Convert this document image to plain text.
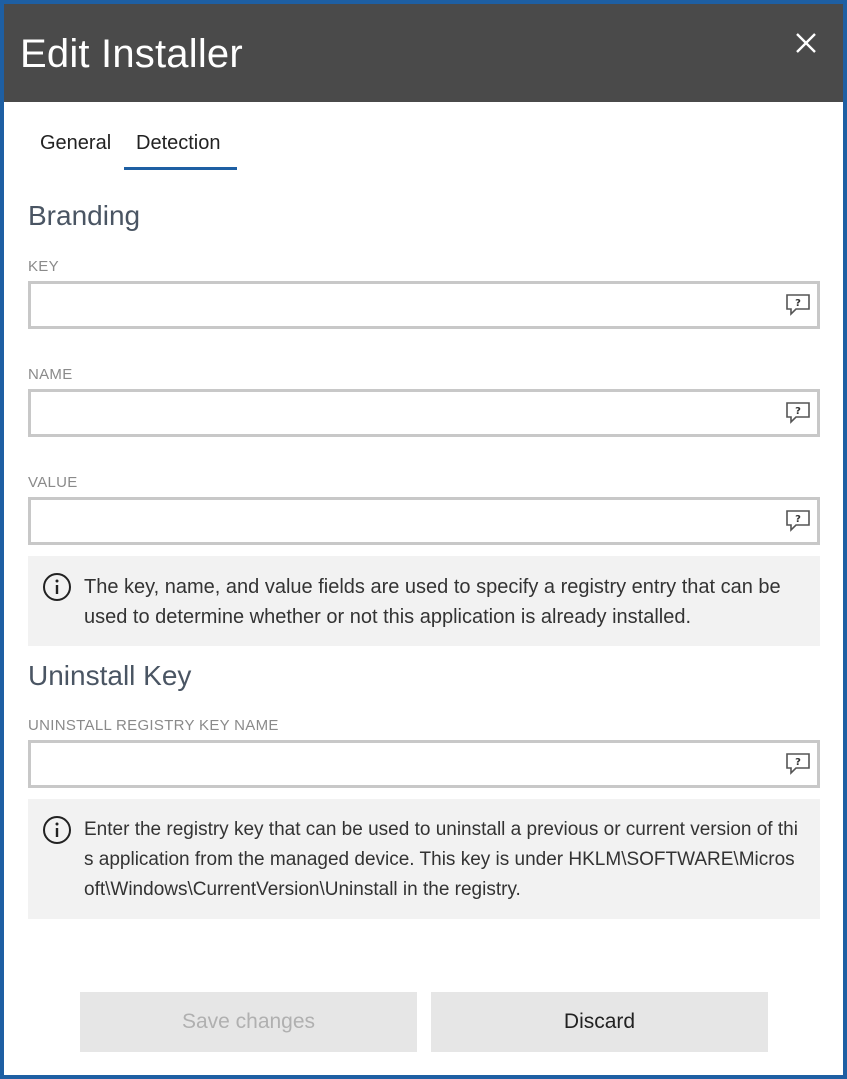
Edit Installer
General	Detection
Branding
KEY
?
NAME
?
VALUE
?
The key, name, and value fields are used to specify a registry entry that can be used to determine whether or not this application is already installed.
Uninstall Key
UNINSTALL REGISTRY KEY NAME
?
Enter the registry key that can be used to uninstall a previous or current version of this application from the managed device. This key is under HKLM\SOFTWARE\Microsoft\Windows\CurrentVersion\Uninstall in the registry.
Save changes	Discard
